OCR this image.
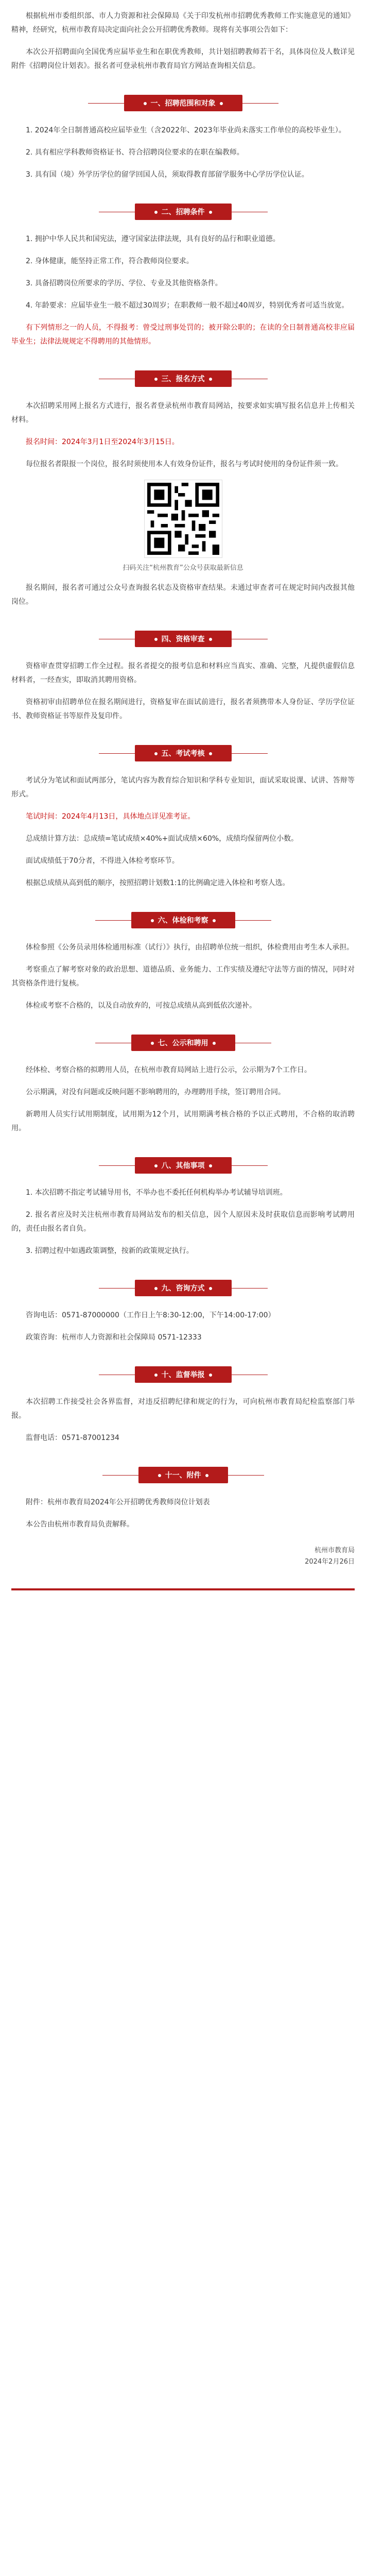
根据杭州市委组织部、市人力资源和社会保障局《关于印发杭州市招聘优秀教师工作实施意见的通知》精神，经研究，杭州市教育局决定面向社会公开招聘优秀教师。现将有关事项公告如下：

本次公开招聘面向全国优秀应届毕业生和在职优秀教师，共计划招聘教师若干名，具体岗位及人数详见附件《招聘岗位计划表》。报名者可登录杭州市教育局官方网站查询相关信息。

一、招聘范围和对象

1. 2024年全日制普通高校应届毕业生（含2022年、2023年毕业尚未落实工作单位的高校毕业生）。

2. 具有相应学科教师资格证书、符合招聘岗位要求的在职在编教师。

3. 具有国（境）外学历学位的留学回国人员，须取得教育部留学服务中心学历学位认证。

二、招聘条件

1. 拥护中华人民共和国宪法，遵守国家法律法规，具有良好的品行和职业道德。

2. 身体健康，能坚持正常工作，符合教师岗位要求。

3. 具备招聘岗位所要求的学历、学位、专业及其他资格条件。

4. 年龄要求：应届毕业生一般不超过30周岁；在职教师一般不超过40周岁，特别优秀者可适当放宽。

有下列情形之一的人员，不得报考：曾受过刑事处罚的；被开除公职的；在读的全日制普通高校非应届毕业生；法律法规规定不得聘用的其他情形。

三、报名方式

本次招聘采用网上报名方式进行，报名者登录杭州市教育局网站，按要求如实填写报名信息并上传相关材料。

报名时间：2024年3月1日至2024年3月15日。

每位报名者限报一个岗位，报名时须使用本人有效身份证件，报名与考试时使用的身份证件须一致。

扫码关注“杭州教育”公众号获取最新信息

报名期间，报名者可通过公众号查询报名状态及资格审查结果。未通过审查者可在规定时间内改报其他岗位。

四、资格审查

资格审查贯穿招聘工作全过程。报名者提交的报考信息和材料应当真实、准确、完整，凡提供虚假信息材料者，一经查实，即取消其聘用资格。

资格初审由招聘单位在报名期间进行，资格复审在面试前进行，报名者须携带本人身份证、学历学位证书、教师资格证书等原件及复印件。

五、考试考核

考试分为笔试和面试两部分，笔试内容为教育综合知识和学科专业知识，面试采取说课、试讲、答辩等形式。

笔试时间：2024年4月13日，具体地点详见准考证。

总成绩计算方法：总成绩=笔试成绩×40%+面试成绩×60%，成绩均保留两位小数。

面试成绩低于70分者，不得进入体检考察环节。

根据总成绩从高到低的顺序，按照招聘计划数1:1的比例确定进入体检和考察人选。

六、体检和考察

体检参照《公务员录用体检通用标准（试行）》执行，由招聘单位统一组织，体检费用由考生本人承担。

考察重点了解考察对象的政治思想、道德品质、业务能力、工作实绩及遵纪守法等方面的情况，同时对其资格条件进行复核。

体检或考察不合格的，以及自动放弃的，可按总成绩从高到低依次递补。

七、公示和聘用

经体检、考察合格的拟聘用人员，在杭州市教育局网站上进行公示，公示期为7个工作日。

公示期满，对没有问题或反映问题不影响聘用的，办理聘用手续，签订聘用合同。

新聘用人员实行试用期制度，试用期为12个月，试用期满考核合格的予以正式聘用，不合格的取消聘用。

八、其他事项

1. 本次招聘不指定考试辅导用书，不举办也不委托任何机构举办考试辅导培训班。

2. 报名者应及时关注杭州市教育局网站发布的相关信息，因个人原因未及时获取信息而影响考试聘用的，责任由报名者自负。

3. 招聘过程中如遇政策调整，按新的政策规定执行。

九、咨询方式

咨询电话：0571-87000000（工作日上午8:30-12:00，下午14:00-17:00）

政策咨询：杭州市人力资源和社会保障局 0571-12333

十、监督举报

本次招聘工作接受社会各界监督，对违反招聘纪律和规定的行为，可向杭州市教育局纪检监察部门举报。

监督电话：0571-87001234

十一、附件

附件：杭州市教育局2024年公开招聘优秀教师岗位计划表

本公告由杭州市教育局负责解释。

杭州市教育局

2024年2月26日
